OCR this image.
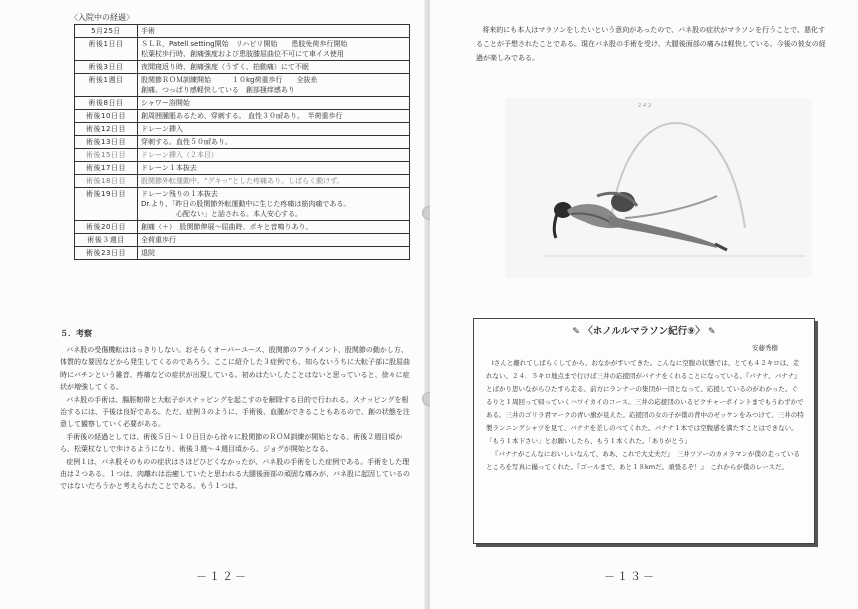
〈入院中の経過〉
5月25日	手術

術後1日目	ＳＬＲ，Patell setting開始　リハビリ開始　　患肢免荷歩行開始
松葉杖歩行時、創痛強度および患肢膝屈曲位不可にて車イス使用

術後3日目	夜間寝返り時、創痛強度（うずく、拍動痛）にて不眠

術後1週目	股関節ＲＯＭ訓練開始　　　１０kg荷重歩行　　全抜糸
創痛、つっぱり感軽快している　創部掻痒感あり

術後8日目	シャワー浴開始

術後10日目	創周囲腫脹あるため、穿刺する。 血性３０㎖あり。　半荷重歩行

術後12日目	ドレーン挿入

術後13日目	穿刺する。血性５０㎖あり。

術後15日目	ドレーン挿入（２本目）

術後17日目	ドレーン１本抜去

術後18日目	股関節外転運動中、“グキッ”とした疼痛あり。しばらく動けず。

術後19日目	ドレーン残りの１本抜去
Dr.より、「昨日の股関節外転運動中に生じた疼痛は筋肉痛である。
　　　　　心配ない」と話される。本人安心する。

術後20日目	創痛（＋）　股関節伸展～屈曲時、ポキと音鳴りあり。

術後３週目	全荷重歩行

術後23日目	退院
５．考察

バネ股の受傷機転ははっきりしない。おそらくオーバーユース、股関節のアライメント、股関節の動かし方、体質的な要因などから発生してくるのであろう。ここに紹介した３症例でも、知らないうちに大転子部に股屈曲時にバチンという雑音、疼痛などの症状が出現している。初めはたいしたことはないと思っていると、徐々に症状が増強してくる。

バネ股の手術は、腸脛靭帯と大転子がスナッピングを起こすのを解除する目的で行われる。スナッピングを根治するには、予後は良好である。ただ、症例３のように、手術後、血腫ができることもあるので、創の状態を注意して観察していく必要がある。

手術後の経過としては、術後５日～１０日目から徐々に股関節のＲＯＭ訓練が開始となる。術後２週目頃から、松葉杖なしで歩けるようになり、術後３週～４週目頃から、ジョグが開始となる。

症例１は、バネ股そのものの症状はさほどひどくなかったが、バネ股の手術をした症例である。手術をした理由は２つある。１つは、肉離れは治癒していたと思われる大腿後面部の頑固な痛みが、バネ股に起因しているのではないだろうかと考えられたことである。もう１つは、

－１２－

将来的にも本人はマラソンをしたいという意向があったので、バネ股の症状がマラソンを行うことで、悪化することが予想されたことである。現在バネ股の手術を受け、大腿後面部の痛みは軽快している。今後の彼女の経過が楽しみである。

２４２
✎ 〈ホノルルマラソン紀行⑨〉 ✎
安藤秀樹

Iさんと離れてしばらくしてから、おなかがすいてきた。こんなに空腹の状態では、とても４２キロは、走れない。２４．５キロ地点まで行けば三井の応援団がバナナをくれることになっている。『バナナ、バナナ』とばかり思いながらひたすら走る。前方にランナーの集団が一団となって、応援しているのがわかった。ぐるりと１周回って帰っていくハワイカイのコース。三井の応援団のいるビクチャーポイントまでもうわずかである。三井のゴリラ君マークの青い旗が見えた。応援団の女の子が僕の背中のゼッケンをみつけて、三井の特製ランニングシャツを見て、バナナを差しのべてくれた。バナナ１本では空腹感を満たすことはできない。「もう１本下さい」とお願いしたら、もう１本くれた。「ありがとう」

『バナナがこんなにおいしいなんて、ああ、これで大丈夫だ』　三井ツアーのカメラマンが僕の走っているところを写真に撮ってくれた。『ゴールまで、あと１８kmだ。頑張るぞ！』　これからが僕のレースだ。

－１３－
